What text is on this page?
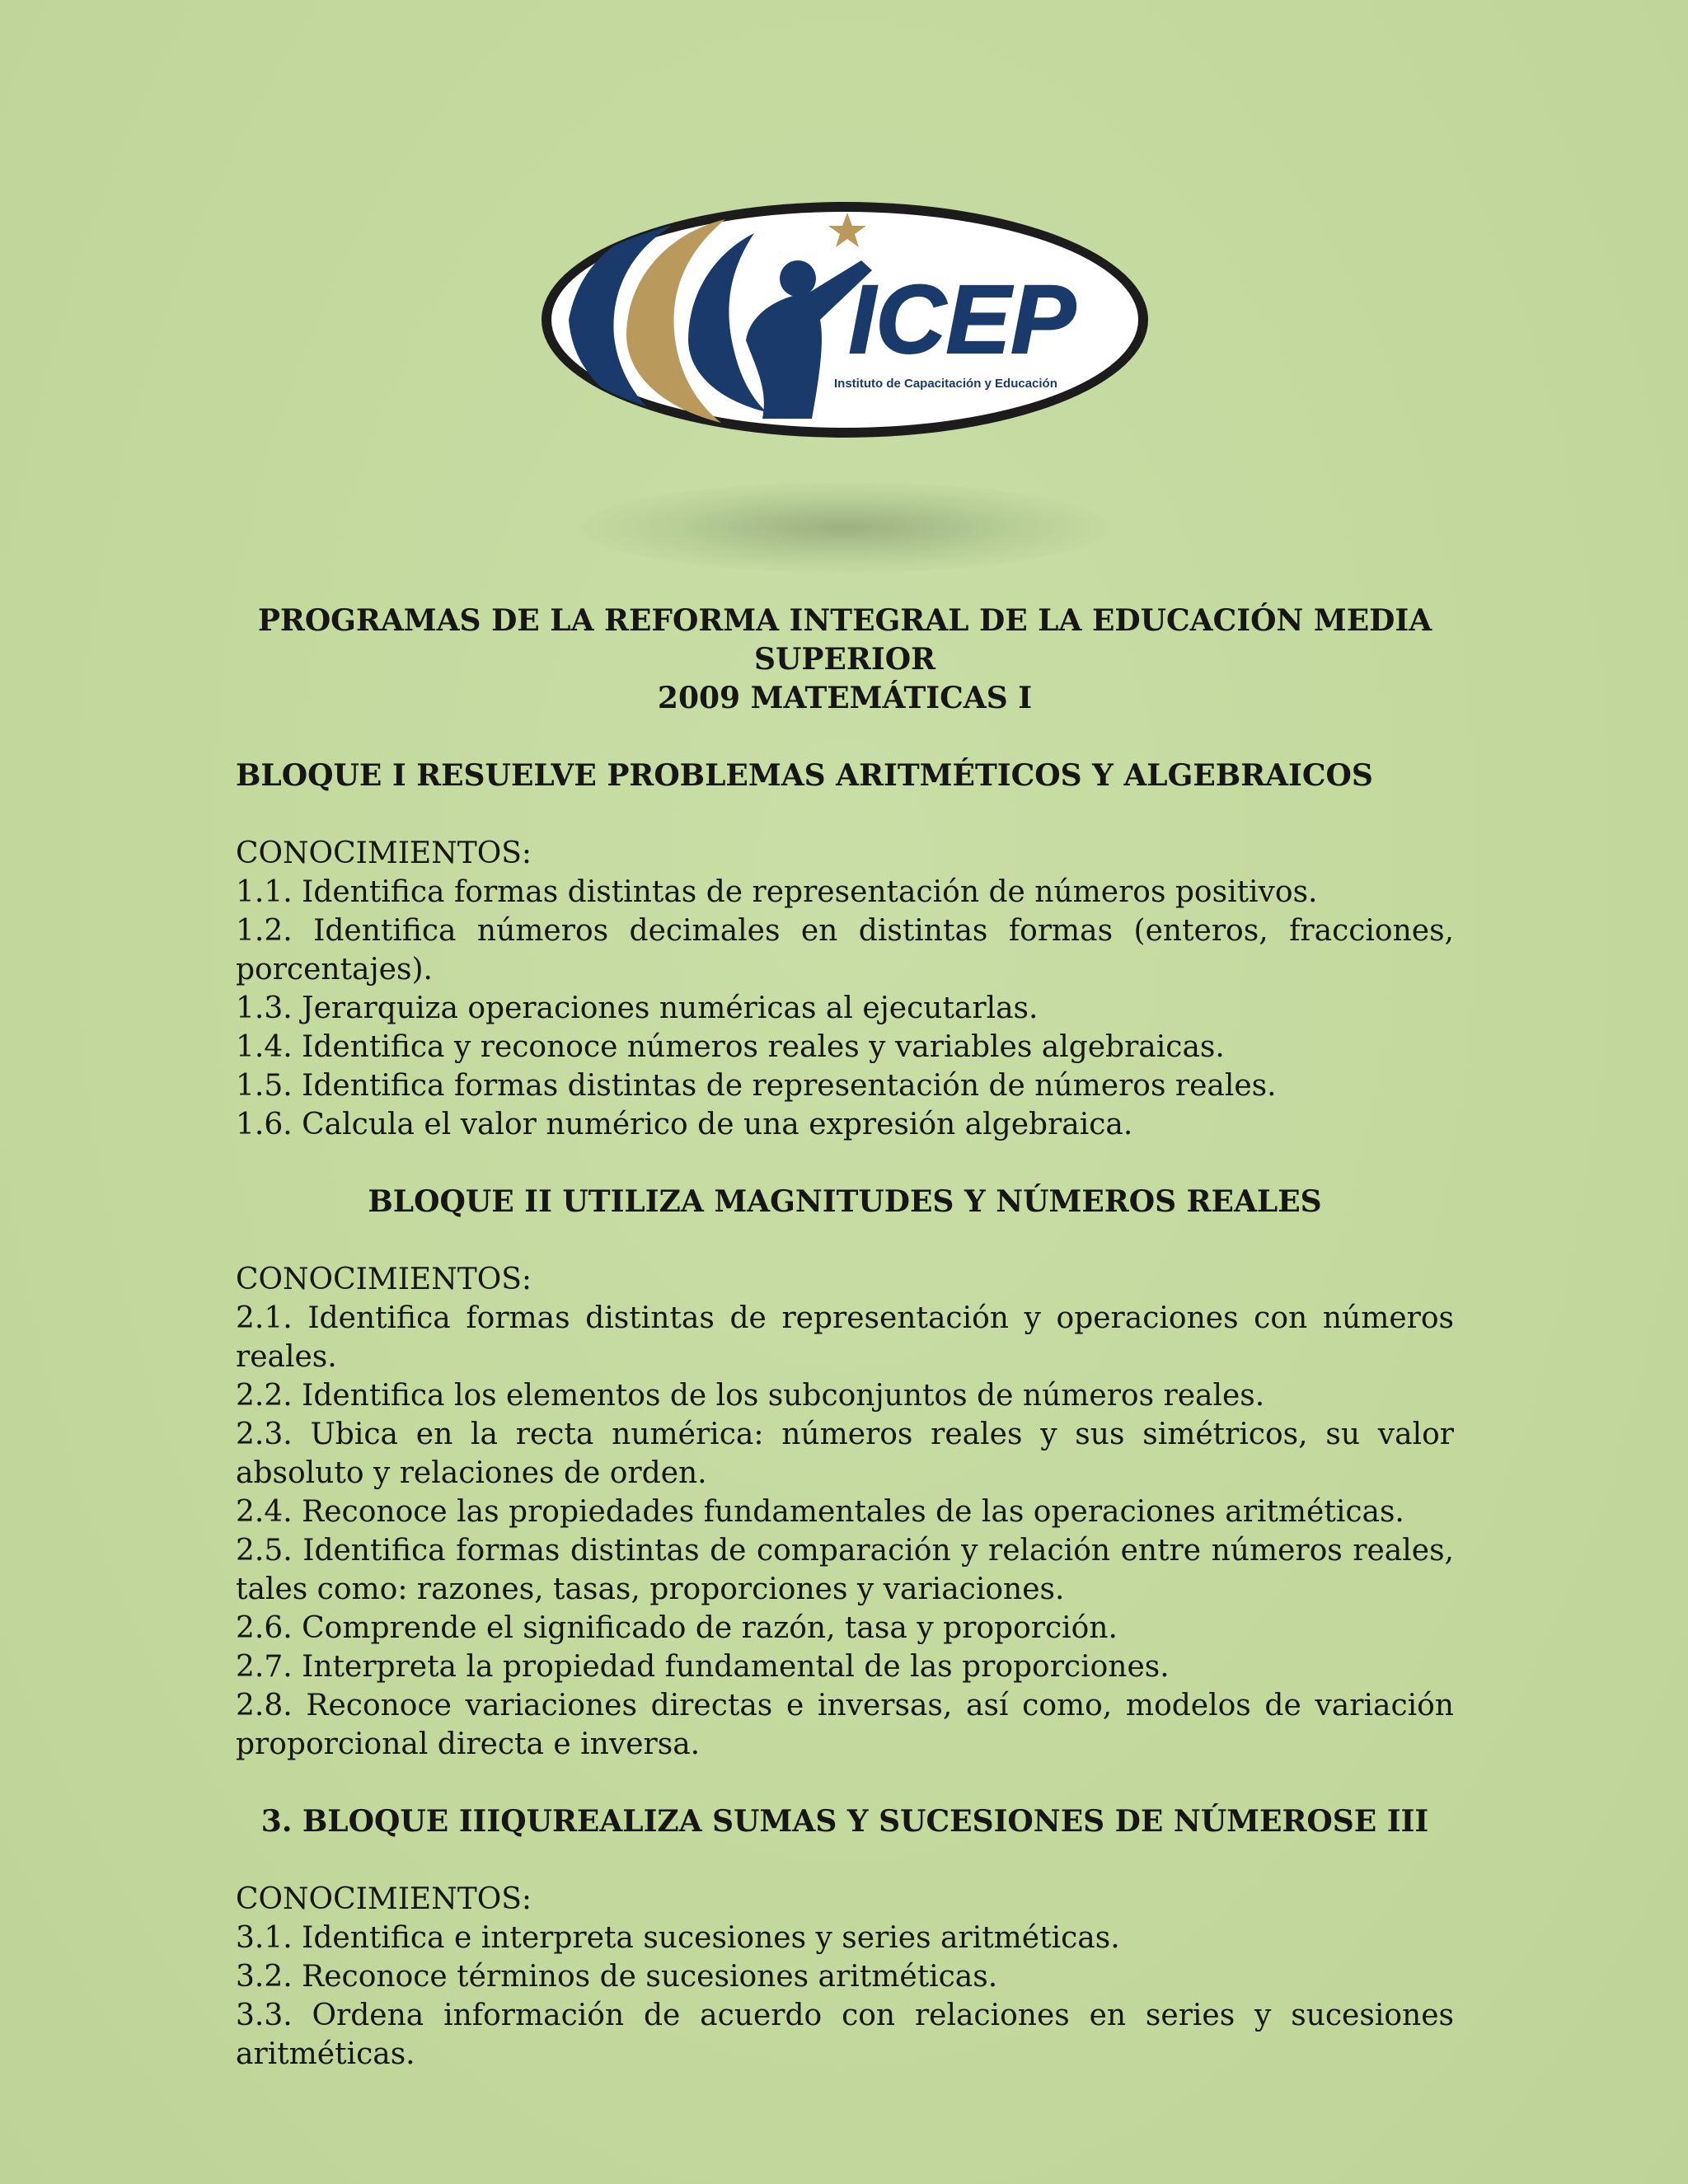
ICEP
Instituto de Capacitación y Educación

PROGRAMAS DE LA REFORMA INTEGRAL DE LA EDUCACIÓN MEDIA SUPERIOR

2009 MATEMÁTICAS I

BLOQUE I RESUELVE PROBLEMAS ARITMÉTICOS Y ALGEBRAICOS

CONOCIMIENTOS:

1.1. Identifica formas distintas de representación de números positivos.

1.2. Identifica números decimales en distintas formas (enteros, fracciones, porcentajes).

1.3. Jerarquiza operaciones numéricas al ejecutarlas.

1.4. Identifica y reconoce números reales y variables algebraicas.

1.5. Identifica formas distintas de representación de números reales.

1.6. Calcula el valor numérico de una expresión algebraica.

BLOQUE II UTILIZA MAGNITUDES Y NÚMEROS REALES

CONOCIMIENTOS:

2.1. Identifica formas distintas de representación y operaciones con números reales.

2.2. Identifica los elementos de los subconjuntos de números reales.

2.3. Ubica en la recta numérica: números reales y sus simétricos, su valor absoluto y relaciones de orden.

2.4. Reconoce las propiedades fundamentales de las operaciones aritméticas.

2.5. Identifica formas distintas de comparación y relación entre números reales, tales como: razones, tasas, proporciones y variaciones.

2.6. Comprende el significado de razón, tasa y proporción.

2.7. Interpreta la propiedad fundamental de las proporciones.

2.8. Reconoce variaciones directas e inversas, así como, modelos de variación proporcional directa e inversa.

3. BLOQUE IIIQUREALIZA SUMAS Y SUCESIONES DE NÚMEROSE III

CONOCIMIENTOS:

3.1. Identifica e interpreta sucesiones y series aritméticas.

3.2. Reconoce términos de sucesiones aritméticas.

3.3. Ordena información de acuerdo con relaciones en series y sucesiones aritméticas.
